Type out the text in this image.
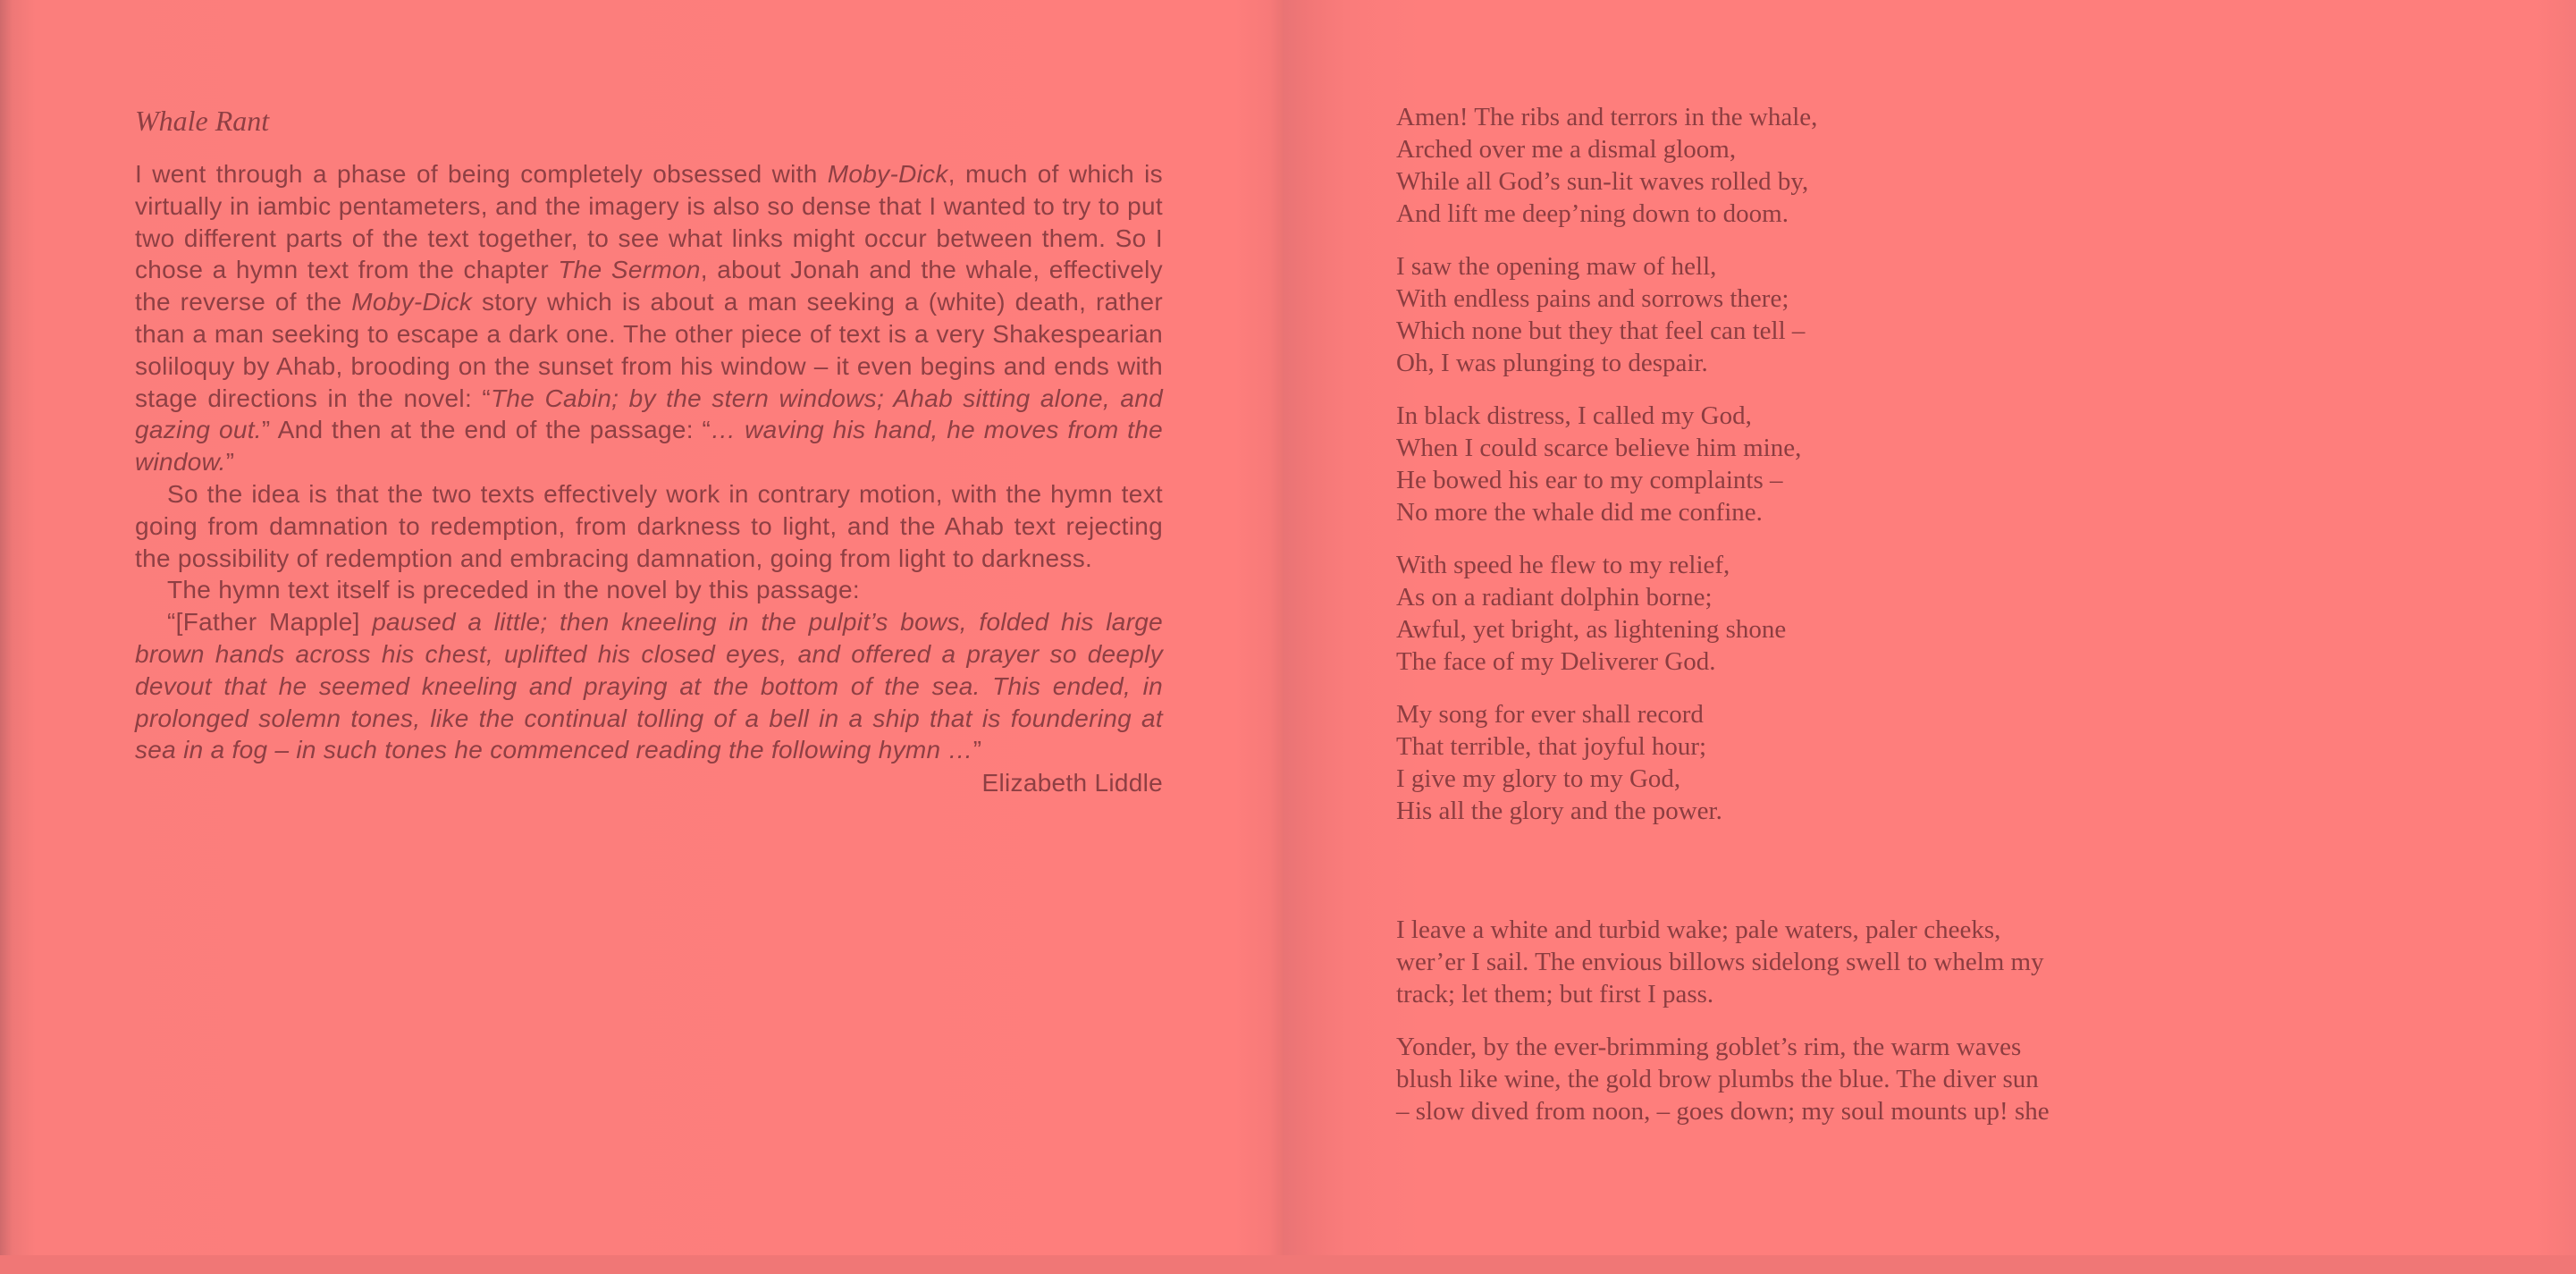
Whale Rant

I went through a phase of being completely obsessed with Moby-Dick, much of which is virtually in iambic pentameters, and the imagery is also so dense that I wanted to try to put two different parts of the text together, to see what links might occur between them. So I chose a hymn text from the chapter The Sermon, about Jonah and the whale, effectively the reverse of the Moby-Dick story which is about a man seeking a (white) death, rather than a man seeking to escape a dark one. The other piece of text is a very Shakespearian soliloquy by Ahab, brooding on the sunset from his window – it even begins and ends with stage directions in the novel: “The Cabin; by the stern windows; Ahab sitting alone, and gazing out.” And then at the end of the passage: “… waving his hand, he moves from the window.”

So the idea is that the two texts effectively work in contrary motion, with the hymn text going from damnation to redemption, from darkness to light, and the Ahab text rejecting the possibility of redemption and embracing damnation, going from light to darkness.

The hymn text itself is preceded in the novel by this passage:

“[Father Mapple] paused a little; then kneeling in the pulpit’s bows, folded his large brown hands across his chest, uplifted his closed eyes, and offered a prayer so deeply devout that he seemed kneeling and praying at the bottom of the sea. This ended, in prolonged solemn tones, like the continual tolling of a bell in a ship that is foundering at sea in a fog – in such tones he commenced reading the following hymn …”

Elizabeth Liddle
Amen! The ribs and terrors in the whale,
Arched over me a dismal gloom,
While all God’s sun-lit waves rolled by,
And lift me deep’ning down to doom.
I saw the opening maw of hell,
With endless pains and sorrows there;
Which none but they that feel can tell –
Oh, I was plunging to despair.
In black distress, I called my God,
When I could scarce believe him mine,
He bowed his ear to my complaints –
No more the whale did me confine.
With speed he flew to my relief,
As on a radiant dolphin borne;
Awful, yet bright, as lightening shone
The face of my Deliverer God.
My song for ever shall record
That terrible, that joyful hour;
I give my glory to my God,
His all the glory and the power.

I leave a white and turbid wake; pale waters, paler cheeks,
wer’er I sail. The envious billows sidelong swell to whelm my
track; let them; but first I pass.

Yonder, by the ever-brimming goblet’s rim, the warm waves
blush like wine, the gold brow plumbs the blue. The diver sun
– slow dived from noon, – goes down; my soul mounts up! she
